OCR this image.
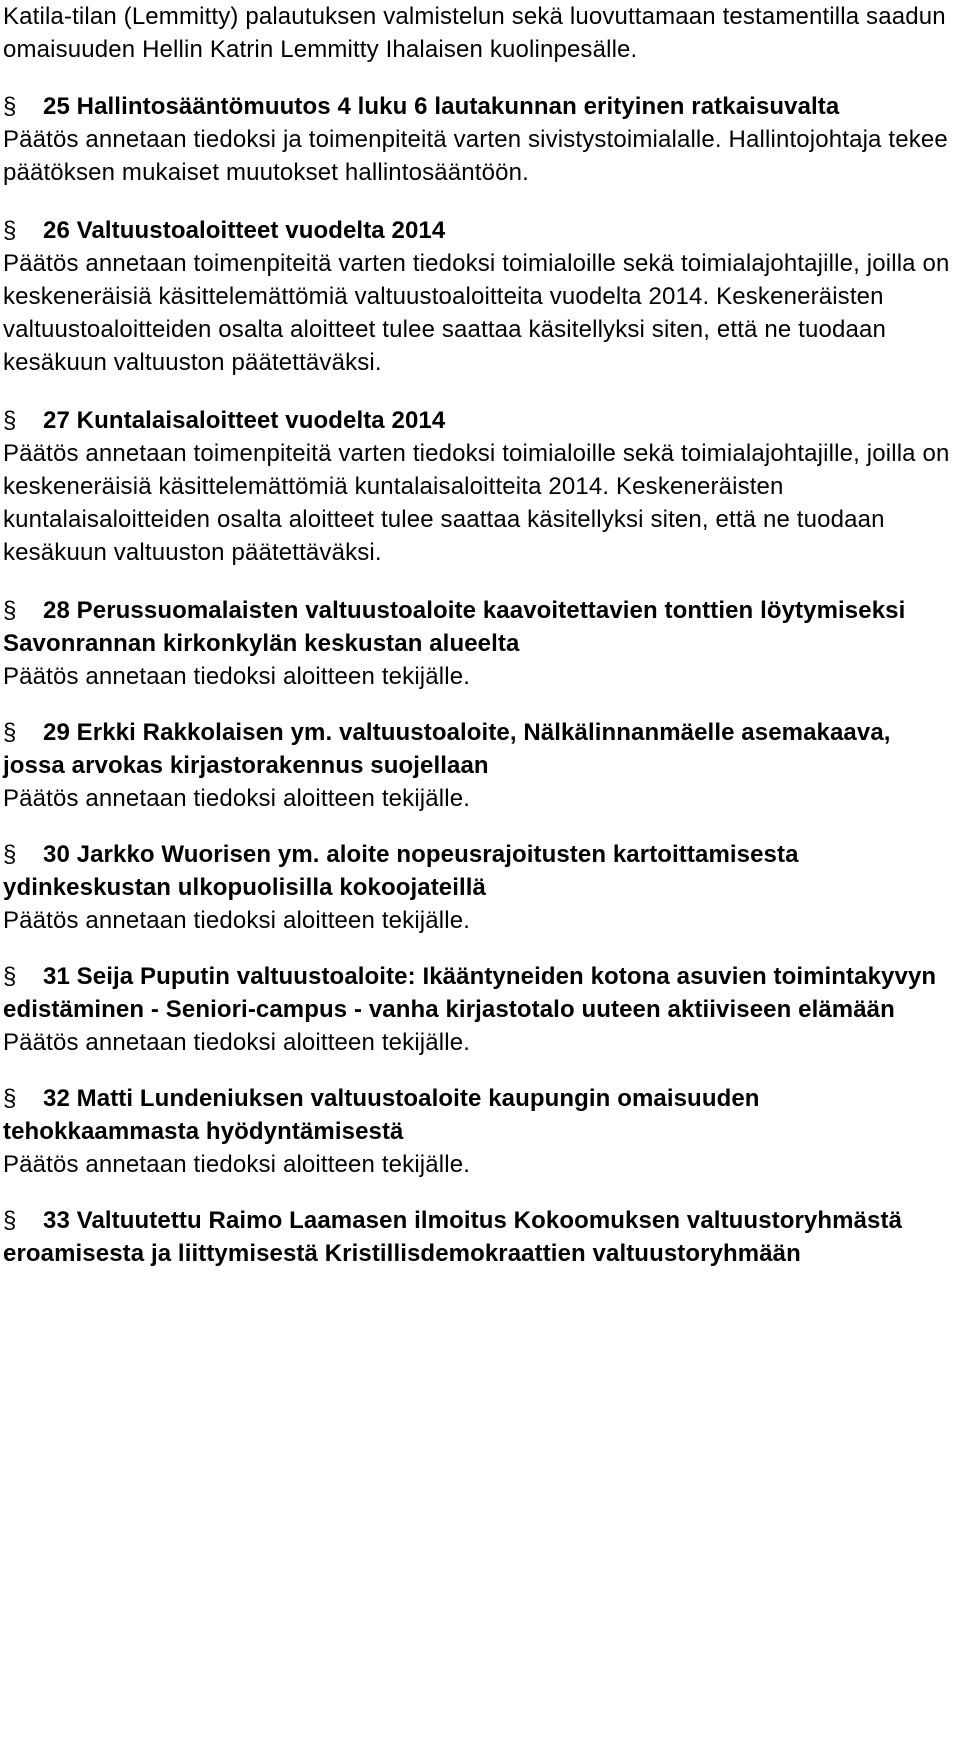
Katila-tilan (Lemmitty) palautuksen valmistelun sekä luovuttamaan testamentilla saadun omaisuuden Hellin Katrin Lemmitty Ihalaisen kuolinpesälle.

§ 25 Hallintosääntömuutos 4 luku 6 lautakunnan erityinen ratkaisuvalta

Päätös annetaan tiedoksi ja toimenpiteitä varten sivistystoimialalle. Hallintojohtaja tekee päätöksen mukaiset muutokset hallintosääntöön.

§ 26 Valtuustoaloitteet vuodelta 2014

Päätös annetaan toimenpiteitä varten tiedoksi toimialoille sekä toimialajohtajille, joilla on keskeneräisiä käsittelemättömiä valtuustoaloitteita vuodelta 2014. Keskeneräisten valtuustoaloitteiden osalta aloitteet tulee saattaa käsitellyksi siten, että ne tuodaan kesäkuun valtuuston päätettäväksi.

§ 27 Kuntalaisaloitteet vuodelta 2014

Päätös annetaan toimenpiteitä varten tiedoksi toimialoille sekä toimialajohtajille, joilla on keskeneräisiä käsittelemättömiä kuntalaisaloitteita 2014. Keskeneräisten kuntalaisaloitteiden osalta aloitteet tulee saattaa käsitellyksi siten, että ne tuodaan kesäkuun valtuuston päätettäväksi.

§ 28 Perussuomalaisten valtuustoaloite kaavoitettavien tonttien löytymiseksi Savonrannan kirkonkylän keskustan alueelta

Päätös annetaan tiedoksi aloitteen tekijälle.

§ 29 Erkki Rakkolaisen ym. valtuustoaloite, Nälkälinnanmäelle asemakaava, jossa arvokas kirjastorakennus suojellaan

Päätös annetaan tiedoksi aloitteen tekijälle.

§ 30 Jarkko Wuorisen ym. aloite nopeusrajoitusten kartoittamisesta ydinkeskustan ulkopuolisilla kokoojateillä

Päätös annetaan tiedoksi aloitteen tekijälle.

§ 31 Seija Puputin valtuustoaloite: Ikääntyneiden kotona asuvien toimintakyvyn edistäminen - Seniori-campus - vanha kirjastotalo uuteen aktiiviseen elämään

Päätös annetaan tiedoksi aloitteen tekijälle.

§ 32 Matti Lundeniuksen valtuustoaloite kaupungin omaisuuden tehokkaammasta hyödyntämisestä

Päätös annetaan tiedoksi aloitteen tekijälle.

§ 33 Valtuutettu Raimo Laamasen ilmoitus Kokoomuksen valtuustoryhmästä eroamisesta ja liittymisestä Kristillisdemokraattien valtuustoryhmään
